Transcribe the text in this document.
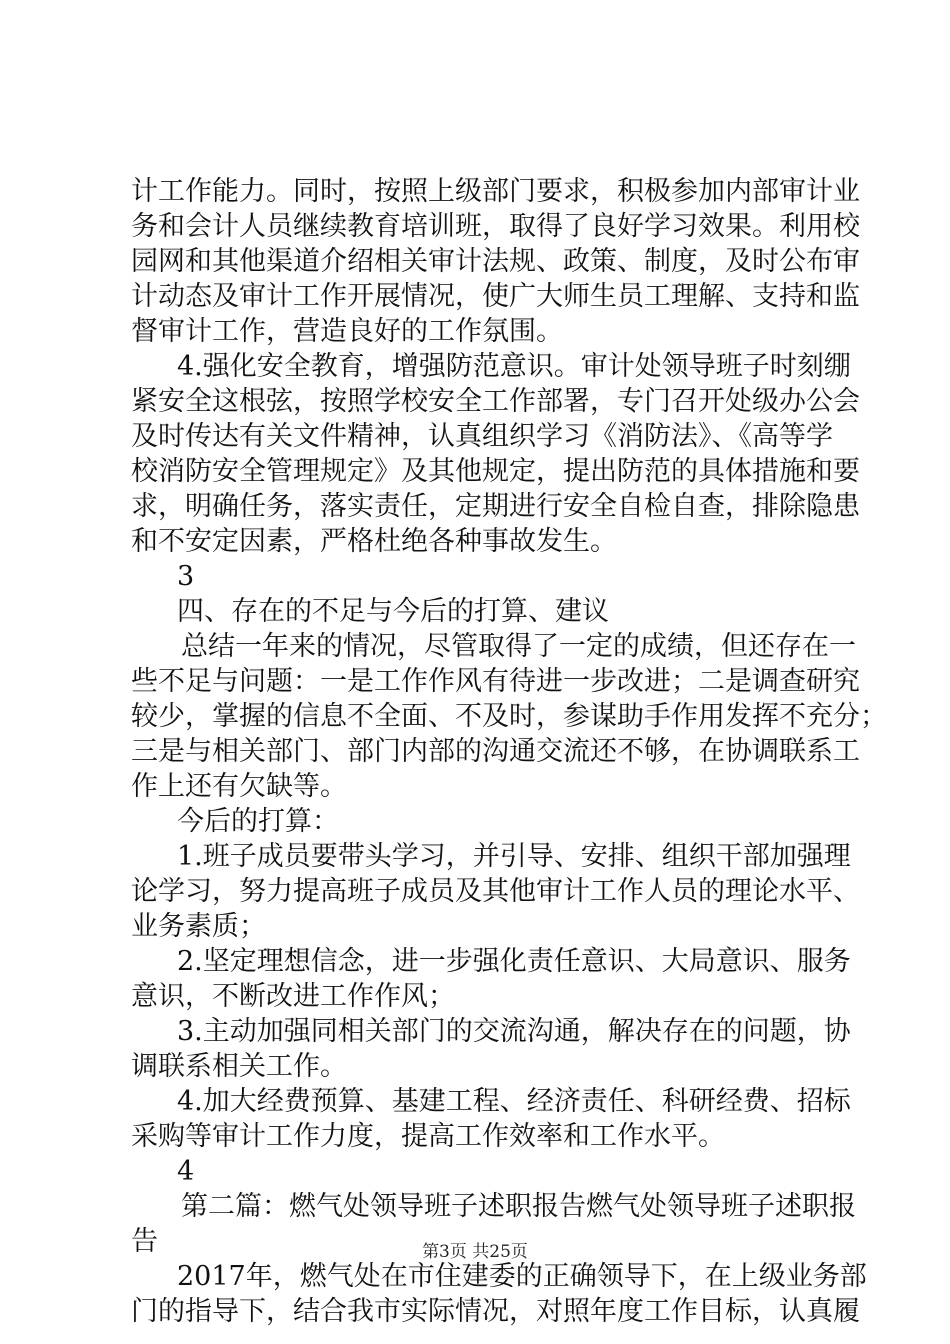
计工作能力。同时，按照上级部门要求，积极参加内部审计业
务和会计人员继续教育培训班，取得了良好学习效果。利用校
园网和其他渠道介绍相关审计法规、政策、制度，及时公布审
计动态及审计工作开展情况，使广大师生员工理解、支持和监
督审计工作，营造良好的工作氛围。
4.强化安全教育，增强防范意识。审计处领导班子时刻绷
紧安全这根弦，按照学校安全工作部署，专门召开处级办公会
及时传达有关文件精神，认真组织学习《消防法》、《高等学
校消防安全管理规定》及其他规定，提出防范的具体措施和要
求，明确任务，落实责任，定期进行安全自检自查，排除隐患
和不安定因素，严格杜绝各种事故发生。
3
四、存在的不足与今后的打算、建议
总结一年来的情况，尽管取得了一定的成绩，但还存在一
些不足与问题：一是工作作风有待进一步改进；二是调查研究
较少，掌握的信息不全面、不及时，参谋助手作用发挥不充分；
三是与相关部门、部门内部的沟通交流还不够，在协调联系工
作上还有欠缺等。
今后的打算：
1.班子成员要带头学习，并引导、安排、组织干部加强理
论学习，努力提高班子成员及其他审计工作人员的理论水平、
业务素质；
2.坚定理想信念，进一步强化责任意识、大局意识、服务
意识，不断改进工作作风；
3.主动加强同相关部门的交流沟通，解决存在的问题，协
调联系相关工作。
4.加大经费预算、基建工程、经济责任、科研经费、招标
采购等审计工作力度，提高工作效率和工作水平。
4
第二篇：燃气处领导班子述职报告燃气处领导班子述职报
告
2017年，燃气处在市住建委的正确领导下，在上级业务部
门的指导下，结合我市实际情况，对照年度工作目标，认真履
第3页 共25页
